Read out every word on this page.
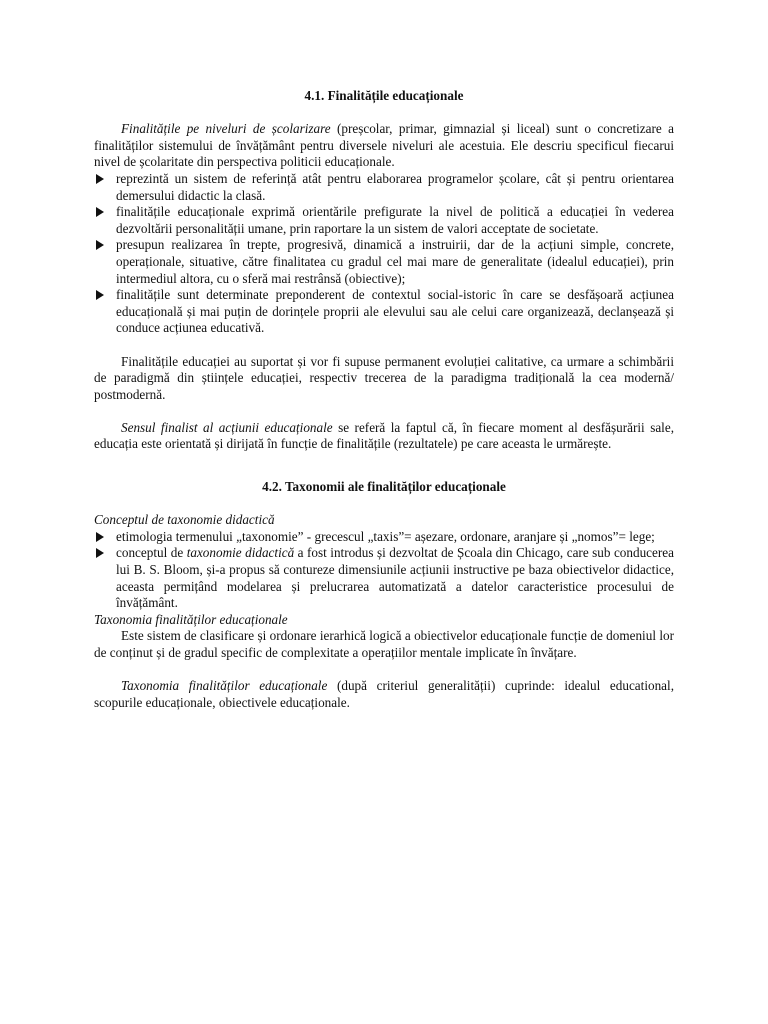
4.1. Finalitățile educaționale

Finalitățile pe niveluri de școlarizare (preșcolar, primar, gimnazial și liceal) sunt o concretizare a finalităților sistemului de învățământ pentru diversele niveluri ale acestuia. Ele descriu specificul fiecarui nivel de școlaritate din perspectiva politicii educaționale.

reprezintă un sistem de referință atât pentru elaborarea programelor școlare, cât și pentru orientarea demersului didactic la clasă.
finalitățile educaționale exprimă orientările prefigurate la nivel de politică a educației în vederea dezvoltării personalității umane, prin raportare la un sistem de valori acceptate de societate.
presupun realizarea în trepte, progresivă, dinamică a instruirii, dar de la acțiuni simple, concrete, operaționale, situative, către finalitatea cu gradul cel mai mare de generalitate (idealul educației), prin intermediul altora, cu o sferă mai restrânsă (obiective);
finalitățile sunt determinate preponderent de contextul social-istoric în care se desfășoară acțiunea educațională și mai puțin de dorințele proprii ale elevului sau ale celui care organizează, declanșează și conduce acțiunea educativă.

Finalitățile educației au suportat și vor fi supuse permanent evoluției calitative, ca urmare a schimbării de paradigmă din științele educației, respectiv trecerea de la paradigma tradițională la cea modernă/ postmodernă.

Sensul finalist al acțiunii educaționale se referă la faptul că, în fiecare moment al desfășurării sale, educația este orientată și dirijată în funcție de finalitățile (rezultatele) pe care aceasta le urmărește.

4.2. Taxonomii ale finalităților educaționale

Conceptul de taxonomie didactică

etimologia termenului „taxonomie” - grecescul „taxis”= așezare, ordonare, aranjare și „nomos”= lege;
conceptul de taxonomie didactică a fost introdus și dezvoltat de Școala din Chicago, care sub conducerea lui B. S. Bloom, și-a propus să contureze dimensiunile acțiunii instructive pe baza obiectivelor didactice, aceasta permițând modelarea și prelucrarea automatizată a datelor caracteristice procesului de învățământ.

Taxonomia finalităților educaționale

Este sistem de clasificare și ordonare ierarhică logică a obiectivelor educaționale funcție de domeniul lor de conținut și de gradul specific de complexitate a operațiilor mentale implicate în învățare.

Taxonomia finalităților educaționale (după criteriul generalității) cuprinde: idealul educational, scopurile educaționale, obiectivele educaționale.
